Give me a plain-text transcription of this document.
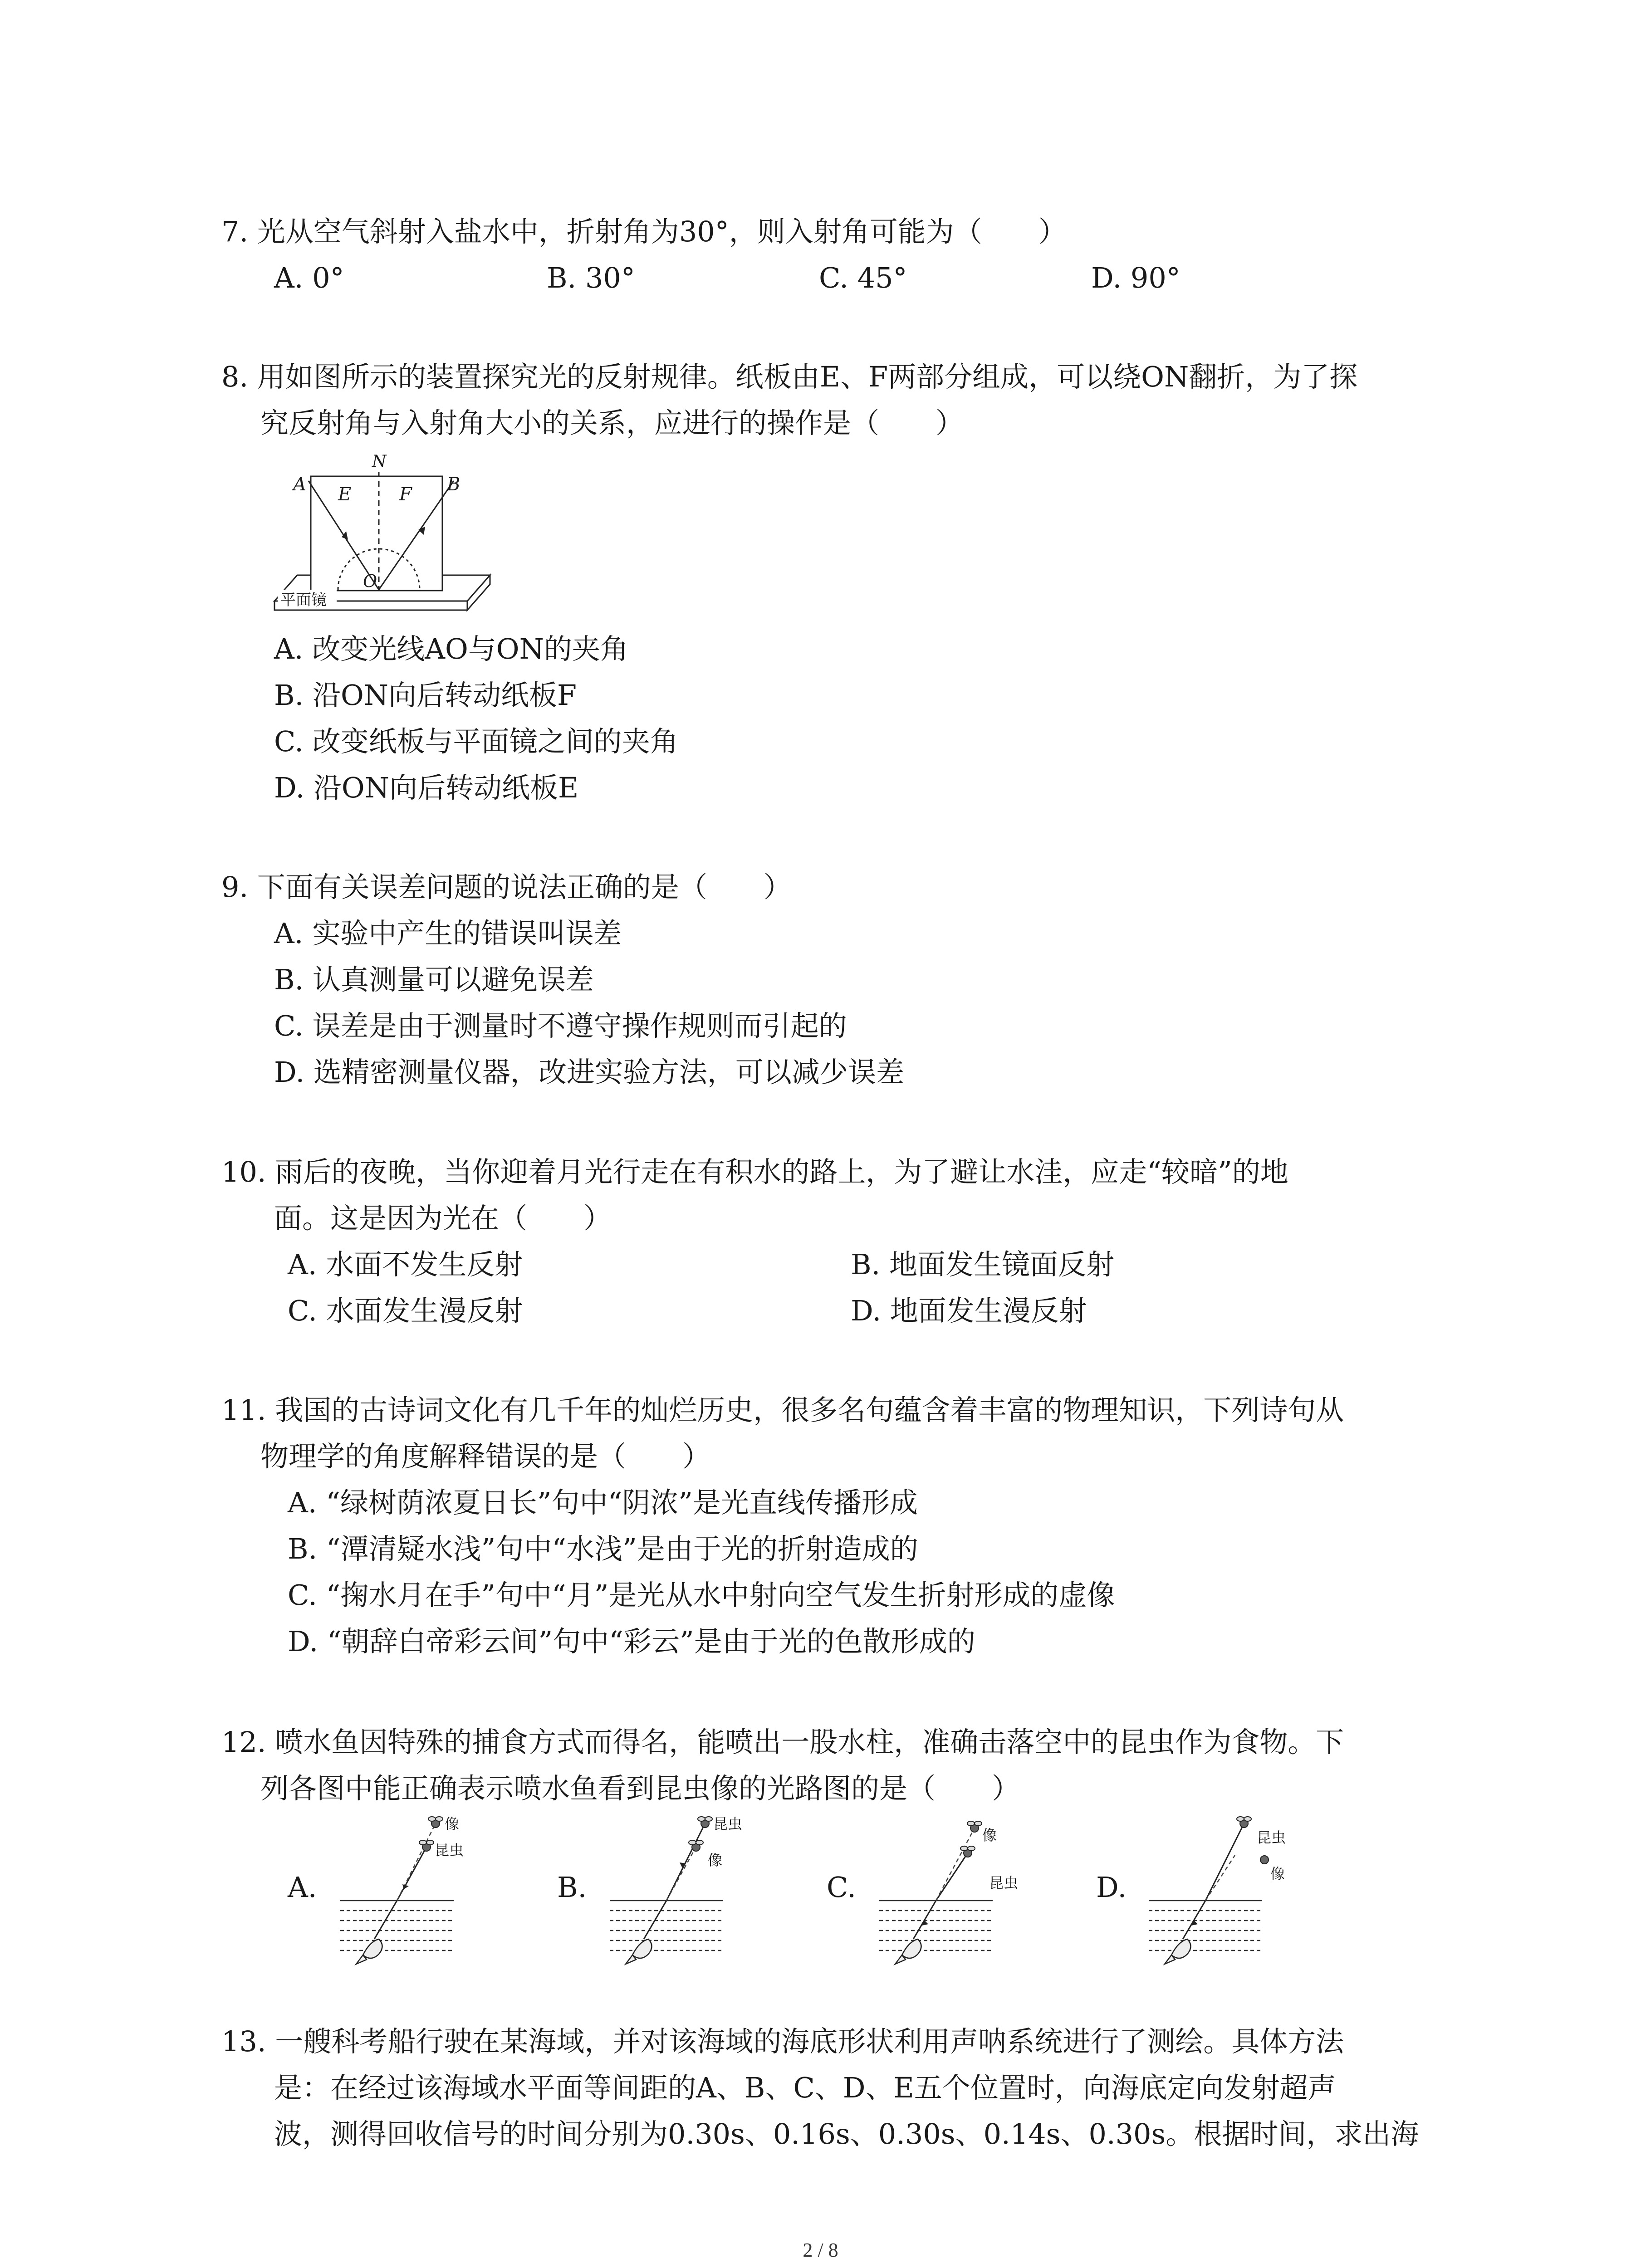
7. 光从空气斜射入盐水中，折射角为30°，则入射角可能为（　　）
A. 0°	B. 30°	C. 45°	D. 90°
8. 用如图所示的装置探究光的反射规律。纸板由E、F两部分组成，可以绕ON翻折，为了探
究反射角与入射角大小的关系，应进行的操作是（　　）
A E
N
F B
O
平面镜
A. 改变光线AO与ON的夹角
B. 沿ON向后转动纸板F
C. 改变纸板与平面镜之间的夹角
D. 沿ON向后转动纸板E
9. 下面有关误差问题的说法正确的是（　　）
A. 实验中产生的错误叫误差
B. 认真测量可以避免误差
C. 误差是由于测量时不遵守操作规则而引起的
D. 选精密测量仪器，改进实验方法，可以减少误差
10. 雨后的夜晚，当你迎着月光行走在有积水的路上，为了避让水洼，应走“较暗”的地
面。这是因为光在（　　）
A. 水面不发生反射	B. 地面发生镜面反射
C. 水面发生漫反射	D. 地面发生漫反射
11. 我国的古诗词文化有几千年的灿烂历史，很多名句蕴含着丰富的物理知识，下列诗句从
物理学的角度解释错误的是（　　）
A. “绿树荫浓夏日长”句中“阴浓”是光直线传播形成
B. “潭清疑水浅”句中“水浅”是由于光的折射造成的
C. “掬水月在手”句中“月”是光从水中射向空气发生折射形成的虚像
D. “朝辞白帝彩云间”句中“彩云”是由于光的色散形成的
12. 喷水鱼因特殊的捕食方式而得名，能喷出一股水柱，准确击落空中的昆虫作为食物。下
列各图中能正确表示喷水鱼看到昆虫像的光路图的是（　　）
A.	B.	C.	D.
像
昆虫
昆虫
像
像
昆虫
昆虫
像
13. 一艘科考船行驶在某海域，并对该海域的海底形状利用声呐系统进行了测绘。具体方法
是：在经过该海域水平面等间距的A、B、C、D、E五个位置时，向海底定向发射超声
波，测得回收信号的时间分别为0.30s、0.16s、0.30s、0.14s、0.30s。根据时间，求出海
2 / 8
